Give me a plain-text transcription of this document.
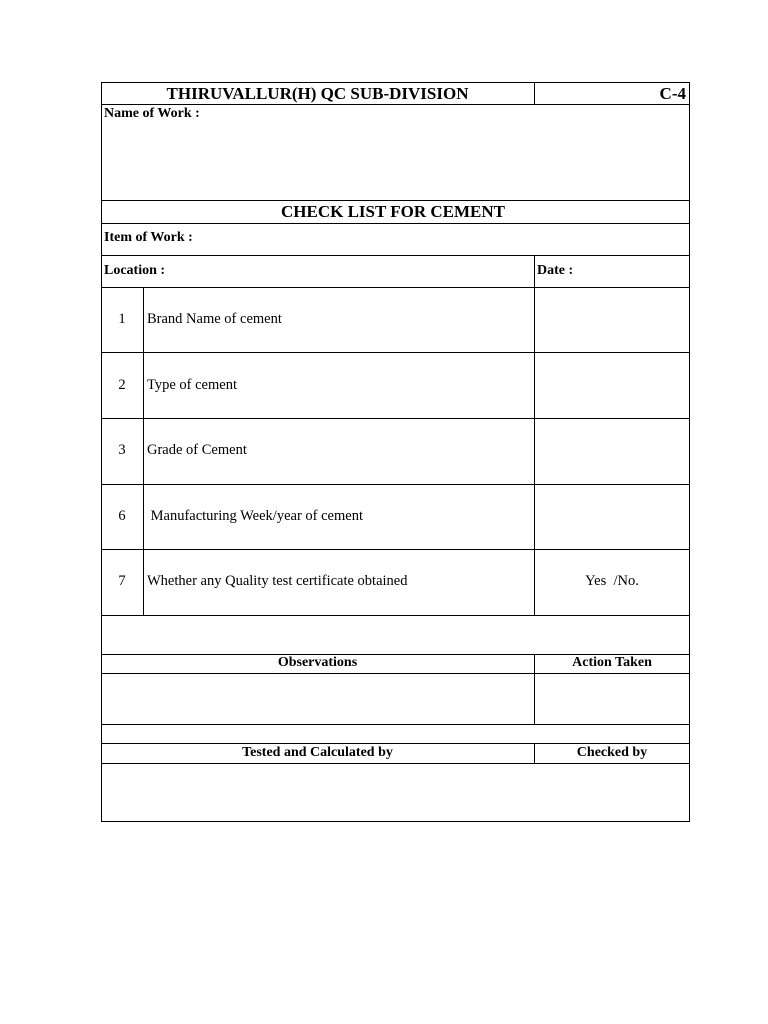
THIRUVALLUR(H) QC SUB-DIVISION	C-4
Name of Work :
CHECK LIST FOR CEMENT
Item of Work :
Location :	Date :
1	Brand Name of cement
2	Type of cement
3	Grade of Cement
6	Manufacturing Week/year of cement
7	Whether any Quality test certificate obtained	Yes  /No.
Observations	Action Taken
Tested and Calculated by	Checked by
